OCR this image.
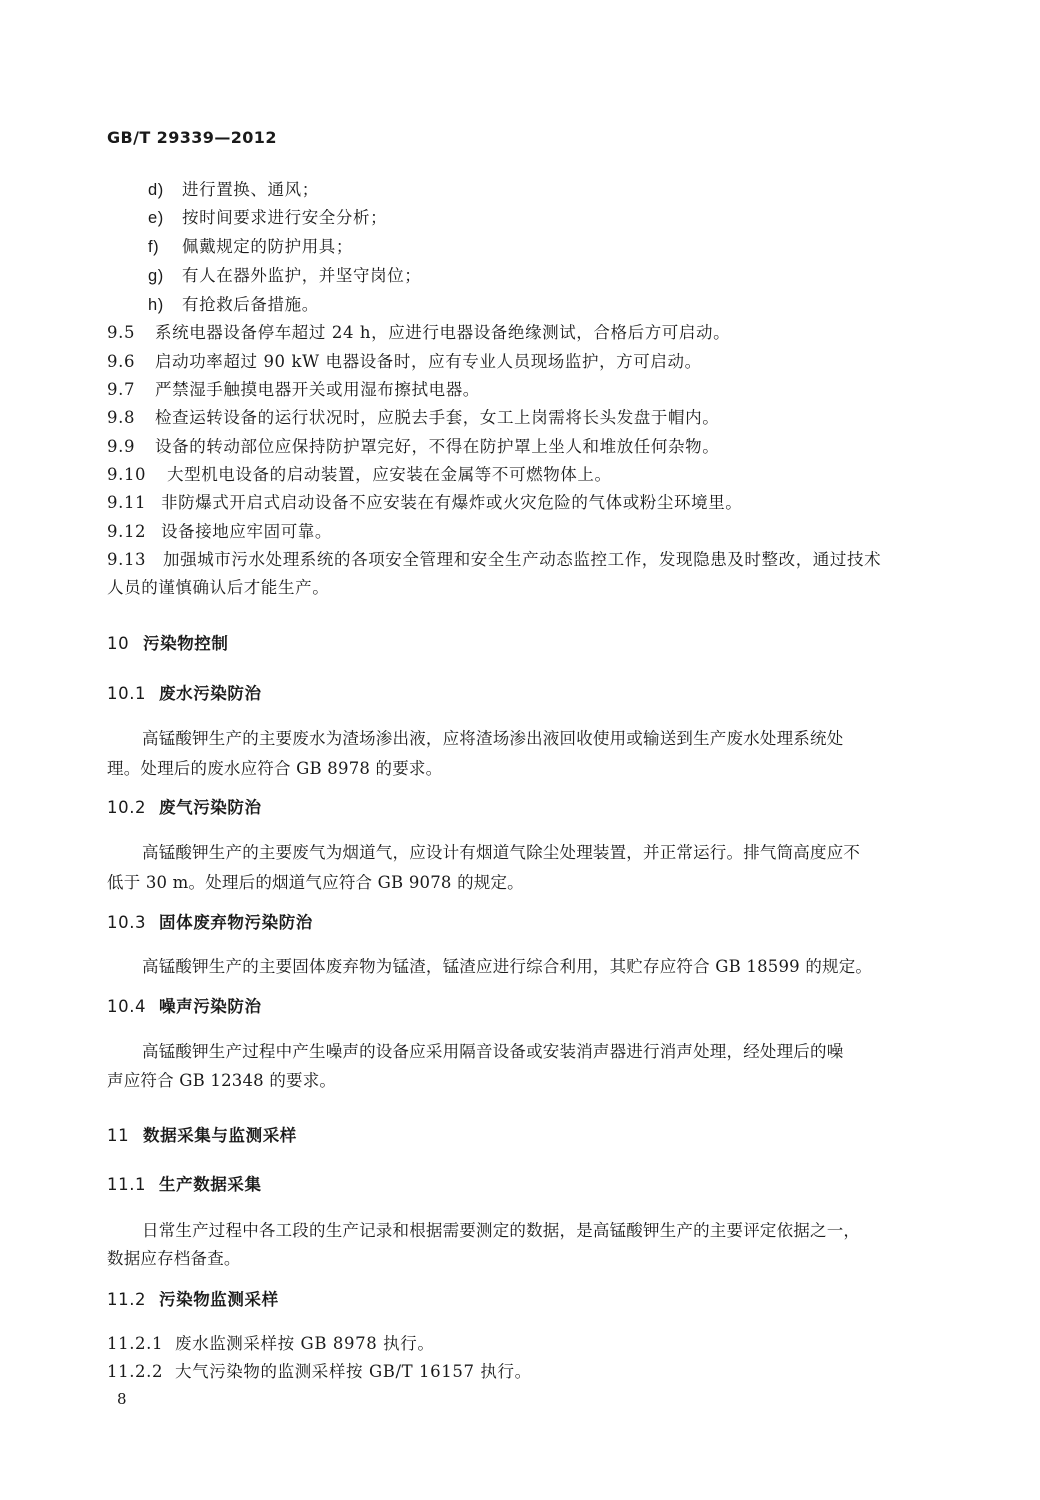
GB/T 29339—2012
d) 进行置换、通风；
e) 按时间要求进行安全分析；
f) 佩戴规定的防护用具；
g) 有人在器外监护，并坚守岗位；
h) 有抢救后备措施。
9.5 系统电器设备停车超过 24 h，应进行电器设备绝缘测试，合格后方可启动。
9.6 启动功率超过 90 kW 电器设备时，应有专业人员现场监护，方可启动。
9.7 严禁湿手触摸电器开关或用湿布擦拭电器。
9.8 检查运转设备的运行状况时，应脱去手套，女工上岗需将长头发盘于帽内。
9.9 设备的转动部位应保持防护罩完好，不得在防护罩上坐人和堆放任何杂物。
9.10 大型机电设备的启动装置，应安装在金属等不可燃物体上。
9.11 非防爆式开启式启动设备不应安装在有爆炸或火灾危险的气体或粉尘环境里。
9.12 设备接地应牢固可靠。
9.13 加强城市污水处理系统的各项安全管理和安全生产动态监控工作，发现隐患及时整改，通过技术
人员的谨慎确认后才能生产。
10 污染物控制
10.1 废水污染防治
高锰酸钾生产的主要废水为渣场渗出液，应将渣场渗出液回收使用或输送到生产废水处理系统处
理。处理后的废水应符合 GB 8978 的要求。
10.2 废气污染防治
高锰酸钾生产的主要废气为烟道气，应设计有烟道气除尘处理装置，并正常运行。排气筒高度应不
低于 30 m。处理后的烟道气应符合 GB 9078 的规定。
10.3 固体废弃物污染防治
高锰酸钾生产的主要固体废弃物为锰渣，锰渣应进行综合利用，其贮存应符合 GB 18599 的规定。
10.4 噪声污染防治
高锰酸钾生产过程中产生噪声的设备应采用隔音设备或安装消声器进行消声处理，经处理后的噪
声应符合 GB 12348 的要求。
11 数据采集与监测采样
11.1 生产数据采集
日常生产过程中各工段的生产记录和根据需要测定的数据，是高锰酸钾生产的主要评定依据之一，
数据应存档备查。
11.2 污染物监测采样
11.2.1 废水监测采样按 GB 8978 执行。
11.2.2 大气污染物的监测采样按 GB/T 16157 执行。
8
